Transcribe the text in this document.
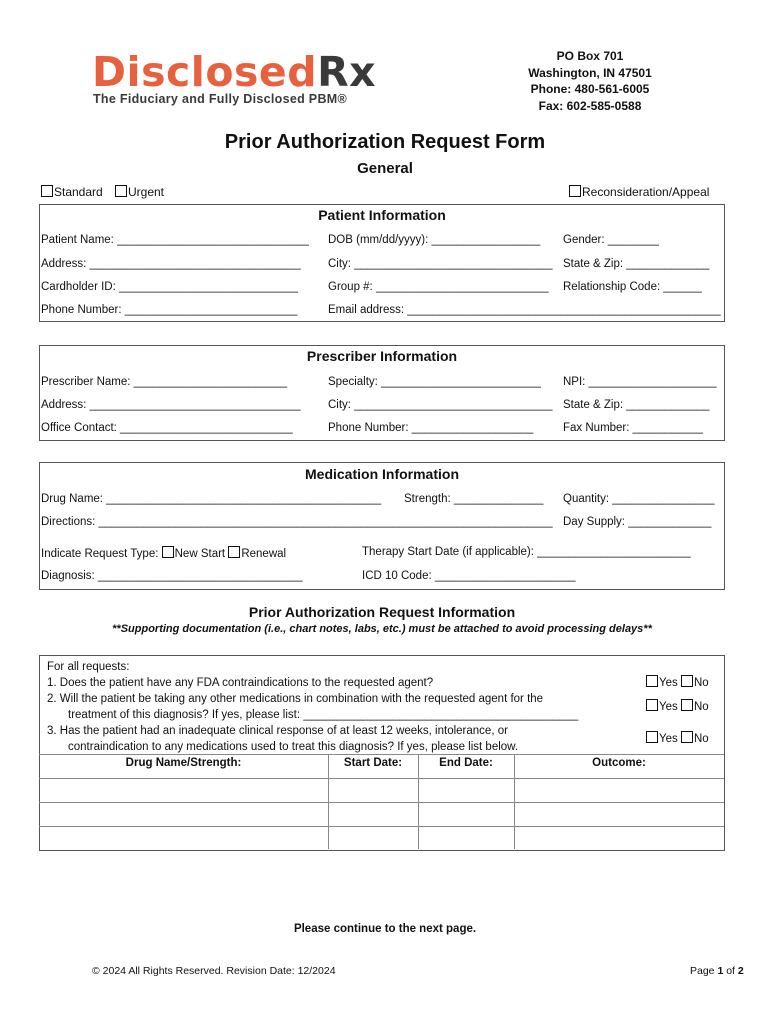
DisclosedRx
The Fiduciary and Fully Disclosed PBM®
PO Box 701
Washington, IN 47501
Phone: 480-561-6005
Fax: 602-585-0588
Prior Authorization Request Form
General
Standard	Urgent	Reconsideration/Appeal
Patient Information
Patient Name: ______________________________ DOB (mm/dd/yyyy): _________________ Gender: ________
Address: _________________________________ City: _______________________________ State & Zip: _____________
Cardholder ID: ____________________________	Group #: ___________________________ Relationship Code: ______
Phone Number: ___________________________	Email address: _________________________________________________
Prescriber Information
Prescriber Name: ________________________	Specialty: _________________________ NPI: ____________________
Address: _________________________________ City: _______________________________ State & Zip: _____________
Office Contact: ___________________________	Phone Number: ___________________	Fax Number: ___________
Medication Information
Drug Name: ___________________________________________ Strength: ______________ Quantity: ________________
Directions: _______________________________________________________________________ Day Supply: _____________
Indicate Request Type: New Start Renewal	Therapy Start Date (if applicable): ________________________
Diagnosis: ________________________________	ICD 10 Code: ______________________
Prior Authorization Request Information
**Supporting documentation (i.e., chart notes, labs, etc.) must be attached to avoid processing delays**
For all requests:
1. Does the patient have any FDA contraindications to the requested agent?
2. Will the patient be taking any other medications in combination with the requested agent for the
treatment of this diagnosis? If yes, please list: ___________________________________________
3. Has the patient had an inadequate clinical response of at least 12 weeks, intolerance, or
contraindication to any medications used to treat this diagnosis? If yes, please list below.
Yes No
Yes No
Yes No
Drug Name/Strength:	Start Date:	End Date:	Outcome:
Please continue to the next page.
© 2024 All Rights Reserved. Revision Date: 12/2024	Page 1 of 2
